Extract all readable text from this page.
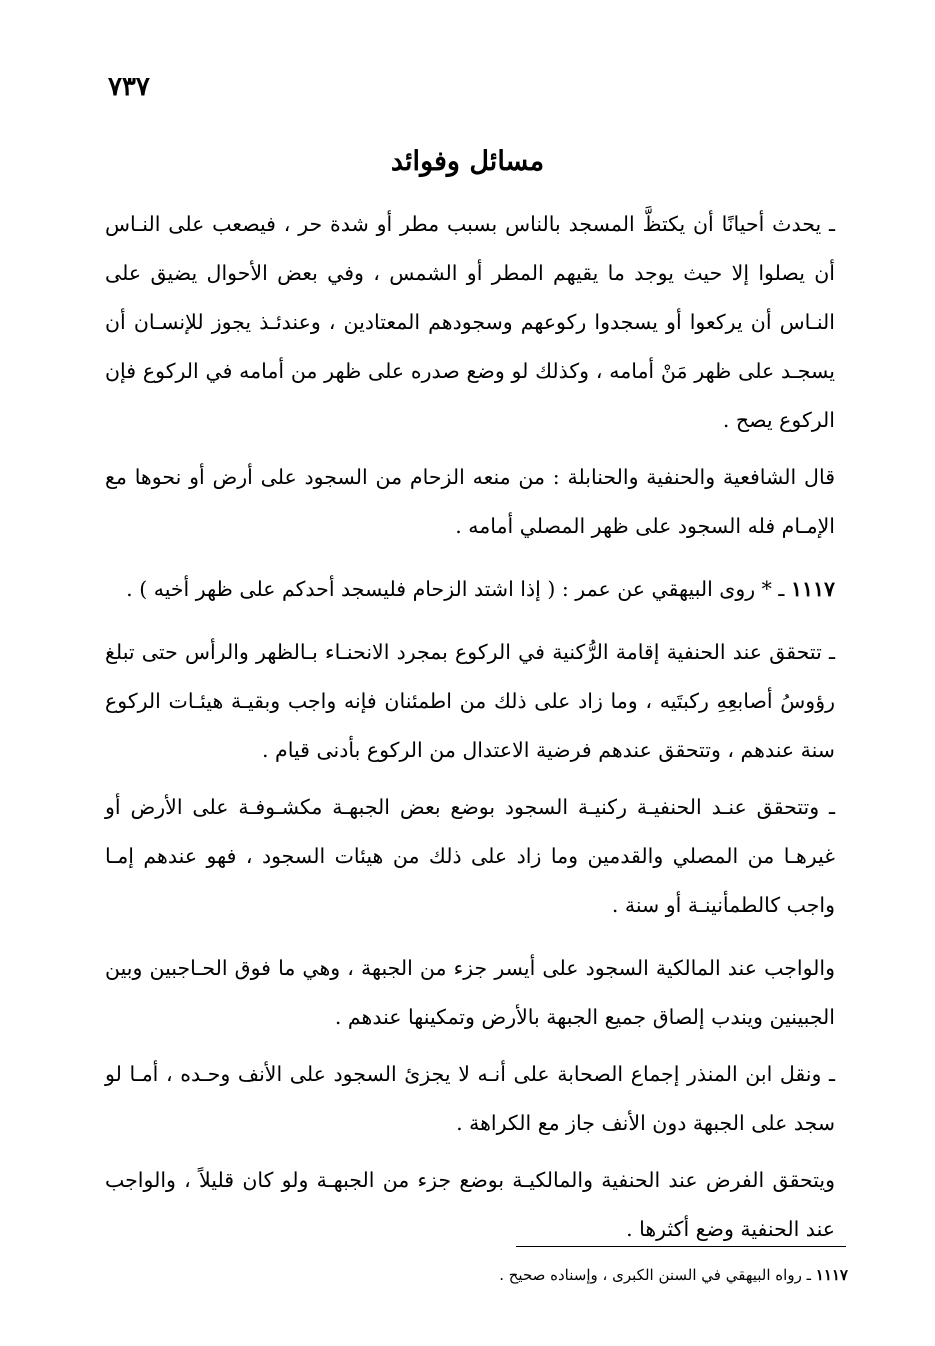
٧٣٧
مسائل وفوائد

ـ يحدث أحيانًا أن يكتظَّ المسجد بالناس بسبب مطر أو شدة حر ، فيصعب على النـاس أن يصلوا إلا حيث يوجد ما يقيهم المطر أو الشمس ، وفي بعض الأحوال يضيق على النـاس أن يركعوا أو يسجدوا ركوعهم وسجودهم المعتادين ، وعندئـذ يجوز للإنسـان أن يسجـد على ظهر مَنْ أمامه ، وكذلك لو وضع صدره على ظهر من أمامه في الركوع فإن الركوع يصح .

قال الشافعية والحنفية والحنابلة : من منعه الزحام من السجود على أرض أو نحوها مع الإمـام فله السجود على ظهر المصلي أمامه .

١١١٧ ـ * روى البيهقي عن عمر : ( إذا اشتد الزحام فليسجد أحدكم على ظهر أخيه ) .

ـ تتحقق عند الحنفية إقامة الرُّكنية في الركوع بمجرد الانحنـاء بـالظهر والرأس حتى تبلغ رؤوسُ أصابعِهِ ركبتَيه ، وما زاد على ذلك من اطمئنان فإنه واجب وبقيـة هيئـات الركوع سنة عندهم ، وتتحقق عندهم فرضية الاعتدال من الركوع بأدنى قيام .

ـ وتتحقق عنـد الحنفيـة ركنيـة السجود بوضع بعض الجبهـة مكشـوفـة على الأرض أو غيرهـا من المصلي والقدمين وما زاد على ذلك من هيئات السجود ، فهو عندهم إمـا واجب كالطمأنينـة أو سنة .

والواجب عند المالكية السجود على أيسر جزء من الجبهة ، وهي ما فوق الحـاجبين وبين الجبينين ويندب إلصاق جميع الجبهة بالأرض وتمكينها عندهم .

ـ ونقل ابن المنذر إجماع الصحابة على أنـه لا يجزئ السجود على الأنف وحـده ، أمـا لو سجد على الجبهة دون الأنف جاز مع الكراهة .

ويتحقق الفرض عند الحنفية والمالكيـة بوضع جزء من الجبهـة ولو كان قليلاً ، والواجب عند الحنفية وضع أكثرها .

١١١٧ ـ رواه البيهقي في السنن الكبرى ، وإسناده صحيح .
